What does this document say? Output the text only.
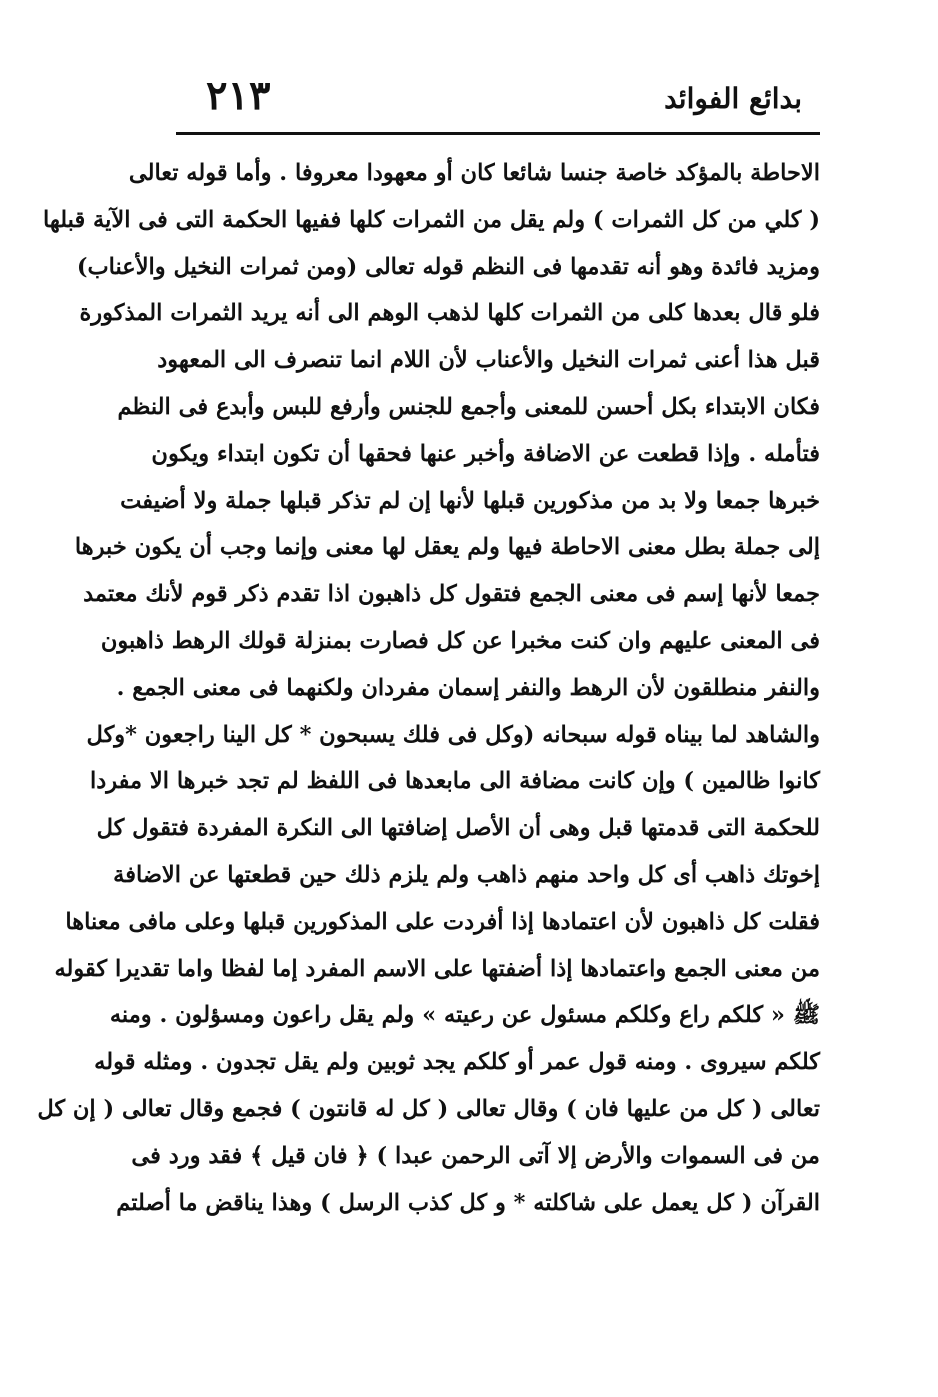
بدائع الفوائد
٢١٣
الاحاطة بالمؤكد خاصة جنسا شائعا كان أو معهودا معروفا . وأما قوله تعالى
( كلي من كل الثمرات ) ولم يقل من الثمرات كلها ففيها الحكمة التى فى الآية قبلها
ومزيد فائدة وهو أنه تقدمها فى النظم قوله تعالى (ومن ثمرات النخيل والأعناب)
فلو قال بعدها كلى من الثمرات كلها لذهب الوهم الى أنه يريد الثمرات المذكورة
قبل هذا أعنى ثمرات النخيل والأعناب لأن اللام انما تنصرف الى المعهود
فكان الابتداء بكل أحسن للمعنى وأجمع للجنس وأرفع للبس وأبدع فى النظم
فتأمله . وإذا قطعت عن الاضافة وأخبر عنها فحقها أن تكون ابتداء ويكون
خبرها جمعا ولا بد من مذكورين قبلها لأنها إن لم تذكر قبلها جملة ولا أضيفت
إلى جملة بطل معنى الاحاطة فيها ولم يعقل لها معنى وإنما وجب أن يكون خبرها
جمعا لأنها إسم فى معنى الجمع فتقول كل ذاهبون اذا تقدم ذكر قوم لأنك معتمد
فى المعنى عليهم وان كنت مخبرا عن كل فصارت بمنزلة قولك الرهط ذاهبون
والنفر منطلقون لأن الرهط والنفر إسمان مفردان ولكنهما فى معنى الجمع .
والشاهد لما بيناه قوله سبحانه (وكل فى فلك يسبحون * كل الينا راجعون *وكل
كانوا ظالمين ) وإن كانت مضافة الى مابعدها فى اللفظ لم تجد خبرها الا مفردا
للحكمة التى قدمتها قبل وهى أن الأصل إضافتها الى النكرة المفردة فتقول كل
إخوتك ذاهب أى كل واحد منهم ذاهب ولم يلزم ذلك حين قطعتها عن الاضافة
فقلت كل ذاهبون لأن اعتمادها إذا أفردت على المذكورين قبلها وعلى مافى معناها
من معنى الجمع واعتمادها إذا أضفتها على الاسم المفرد إما لفظا واما تقديرا كقوله
ﷺ « كلكم راع وكلكم مسئول عن رعيته » ولم يقل راعون ومسؤلون . ومنه
كلكم سيروى . ومنه قول عمر أو كلكم يجد ثوبين ولم يقل تجدون . ومثله قوله
تعالى ( كل من عليها فان ) وقال تعالى ( كل له قانتون ) فجمع وقال تعالى ( إن كل
من فى السموات والأرض إلا آتى الرحمن عبدا ) ﴿ فان قيل ﴾ فقد ورد فى
القرآن ( كل يعمل على شاكلته * و كل كذب الرسل ) وهذا يناقض ما أصلتم
